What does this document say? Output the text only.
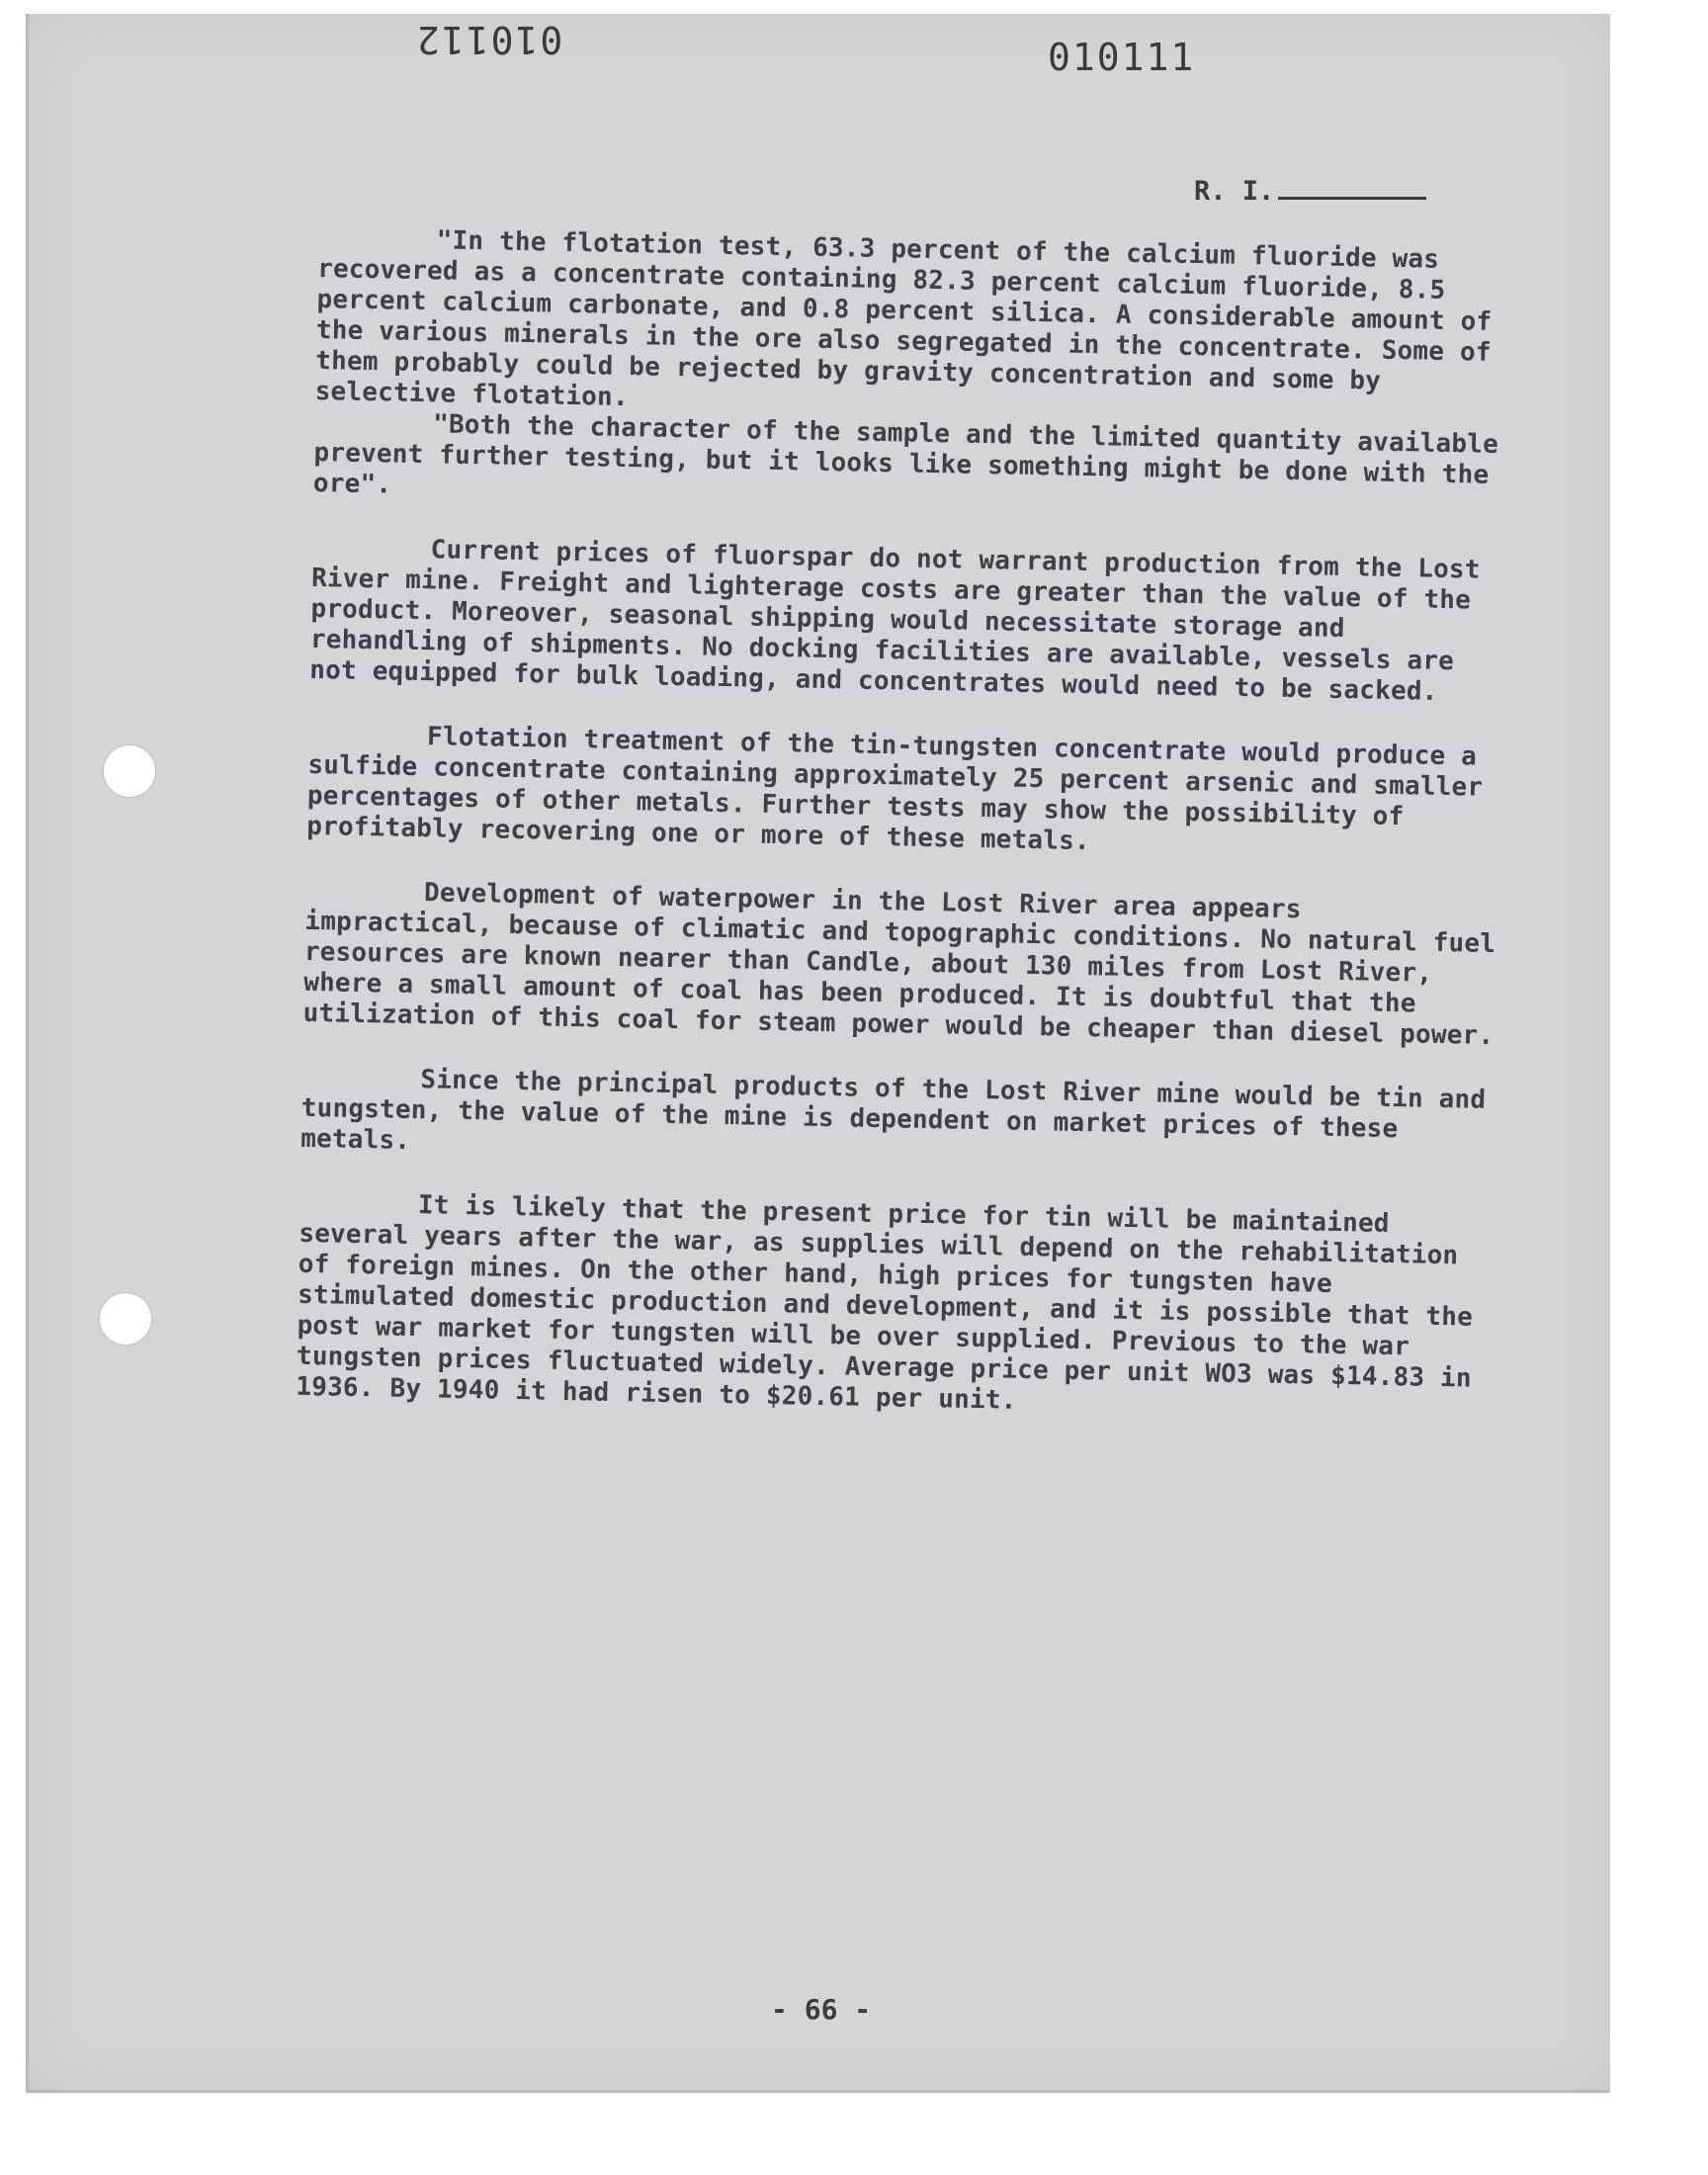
010112	010111
R. I.

"In the flotation test, 63.3 percent of the calcium fluoride was recovered as a concentrate containing 82.3 percent calcium fluoride, 8.5 percent calcium carbonate, and 0.8 percent silica. A considerable amount of the various minerals in the ore also segregated in the concentrate. Some of them probably could be rejected by gravity concentration and some by selective flotation.

"Both the character of the sample and the limited quantity available prevent further testing, but it looks like something might be done with the ore".

Current prices of fluorspar do not warrant production from the Lost River mine. Freight and lighterage costs are greater than the value of the product. Moreover, seasonal shipping would necessitate storage and rehandling of shipments. No docking facilities are available, vessels are not equipped for bulk loading, and concentrates would need to be sacked.

Flotation treatment of the tin-tungsten concentrate would produce a sulfide concentrate containing approximately 25 percent arsenic and smaller percentages of other metals. Further tests may show the possibility of profitably recovering one or more of these metals.

Development of waterpower in the Lost River area appears impractical, because of climatic and topographic conditions. No natural fuel resources are known nearer than Candle, about 130 miles from Lost River, where a small amount of coal has been produced. It is doubtful that the utilization of this coal for steam power would be cheaper than diesel power.

Since the principal products of the Lost River mine would be tin and tungsten, the value of the mine is dependent on market prices of these metals.

It is likely that the present price for tin will be maintained several years after the war, as supplies will depend on the rehabilitation of foreign mines. On the other hand, high prices for tungsten have stimulated domestic production and development, and it is possible that the post war market for tungsten will be over supplied. Previous to the war tungsten prices fluctuated widely. Average price per unit WO3 was $14.83 in 1936. By 1940 it had risen to $20.61 per unit.

- 66 -
